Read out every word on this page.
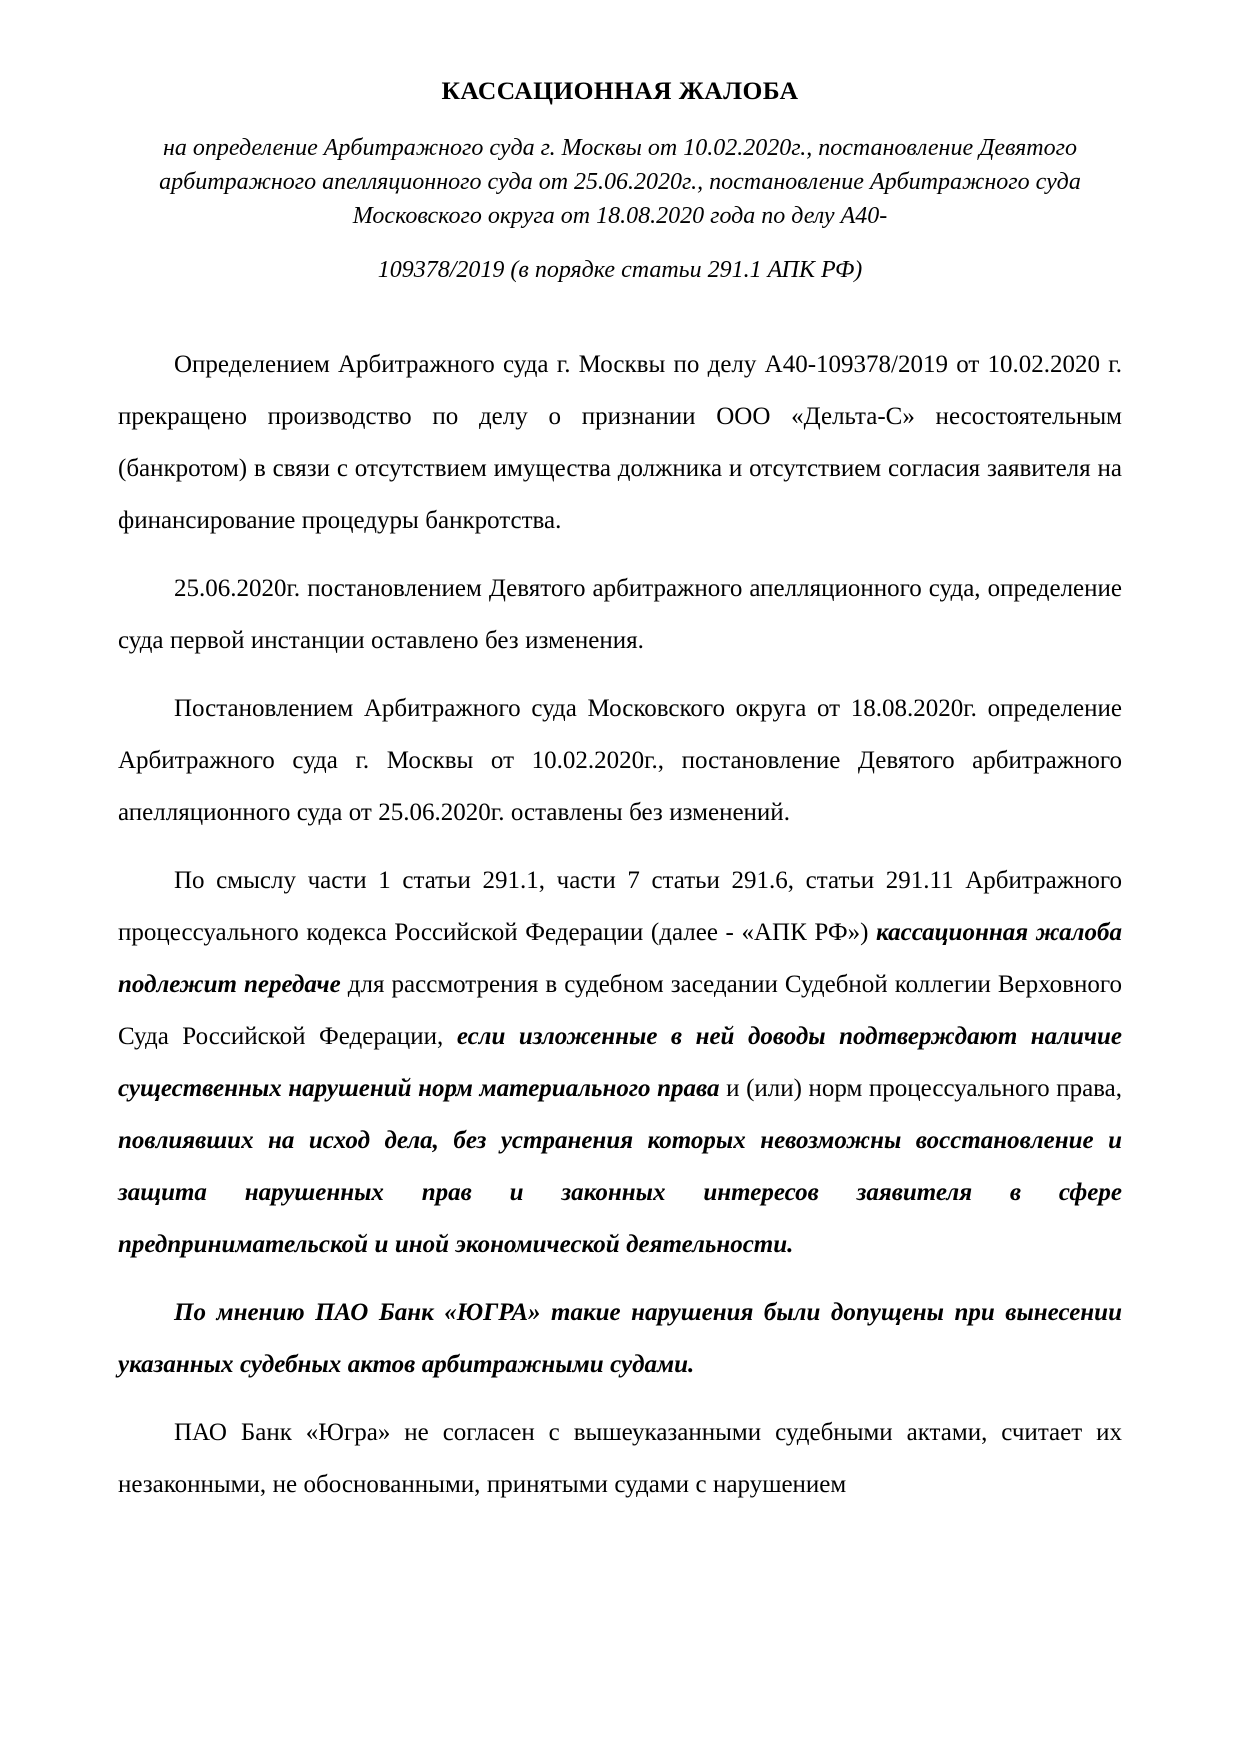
КАССАЦИОННАЯ ЖАЛОБА
на определение Арбитражного суда г. Москвы от 10.02.2020г., постановление Девятого арбитражного апелляционного суда от 25.06.2020г., постановление Арбитражного суда Московского округа от 18.08.2020 года по делу А40-
109378/2019 (в порядке статьи 291.1 АПК РФ)

Определением Арбитражного суда г. Москвы по делу А40-109378/2019 от 10.02.2020 г. прекращено производство по делу о признании ООО «Дельта-С» несостоятельным (банкротом) в связи с отсутствием имущества должника и отсутствием согласия заявителя на финансирование процедуры банкротства.

25.06.2020г. постановлением Девятого арбитражного апелляционного суда, определение суда первой инстанции оставлено без изменения.

Постановлением Арбитражного суда Московского округа от 18.08.2020г. определение Арбитражного суда г. Москвы от 10.02.2020г., постановление Девятого арбитражного апелляционного суда от 25.06.2020г. оставлены без изменений.

По смыслу части 1 статьи 291.1, части 7 статьи 291.6, статьи 291.11 Арбитражного процессуального кодекса Российской Федерации (далее - «АПК РФ») кассационная жалоба подлежит передаче для рассмотрения в судебном заседании Судебной коллегии Верховного Суда Российской Федерации, если изложенные в ней доводы подтверждают наличие существенных нарушений норм материального права и (или) норм процессуального права, повлиявших на исход дела, без устранения которых невозможны восстановление и защита нарушенных прав и законных интересов заявителя в сфере предпринимательской и иной экономической деятельности.

По мнению ПАО Банк «ЮГРА» такие нарушения были допущены при вынесении указанных судебных актов арбитражными судами.

ПАО Банк «Югра» не согласен с вышеуказанными судебными актами, считает их незаконными, не обоснованными, принятыми судами с нарушением
